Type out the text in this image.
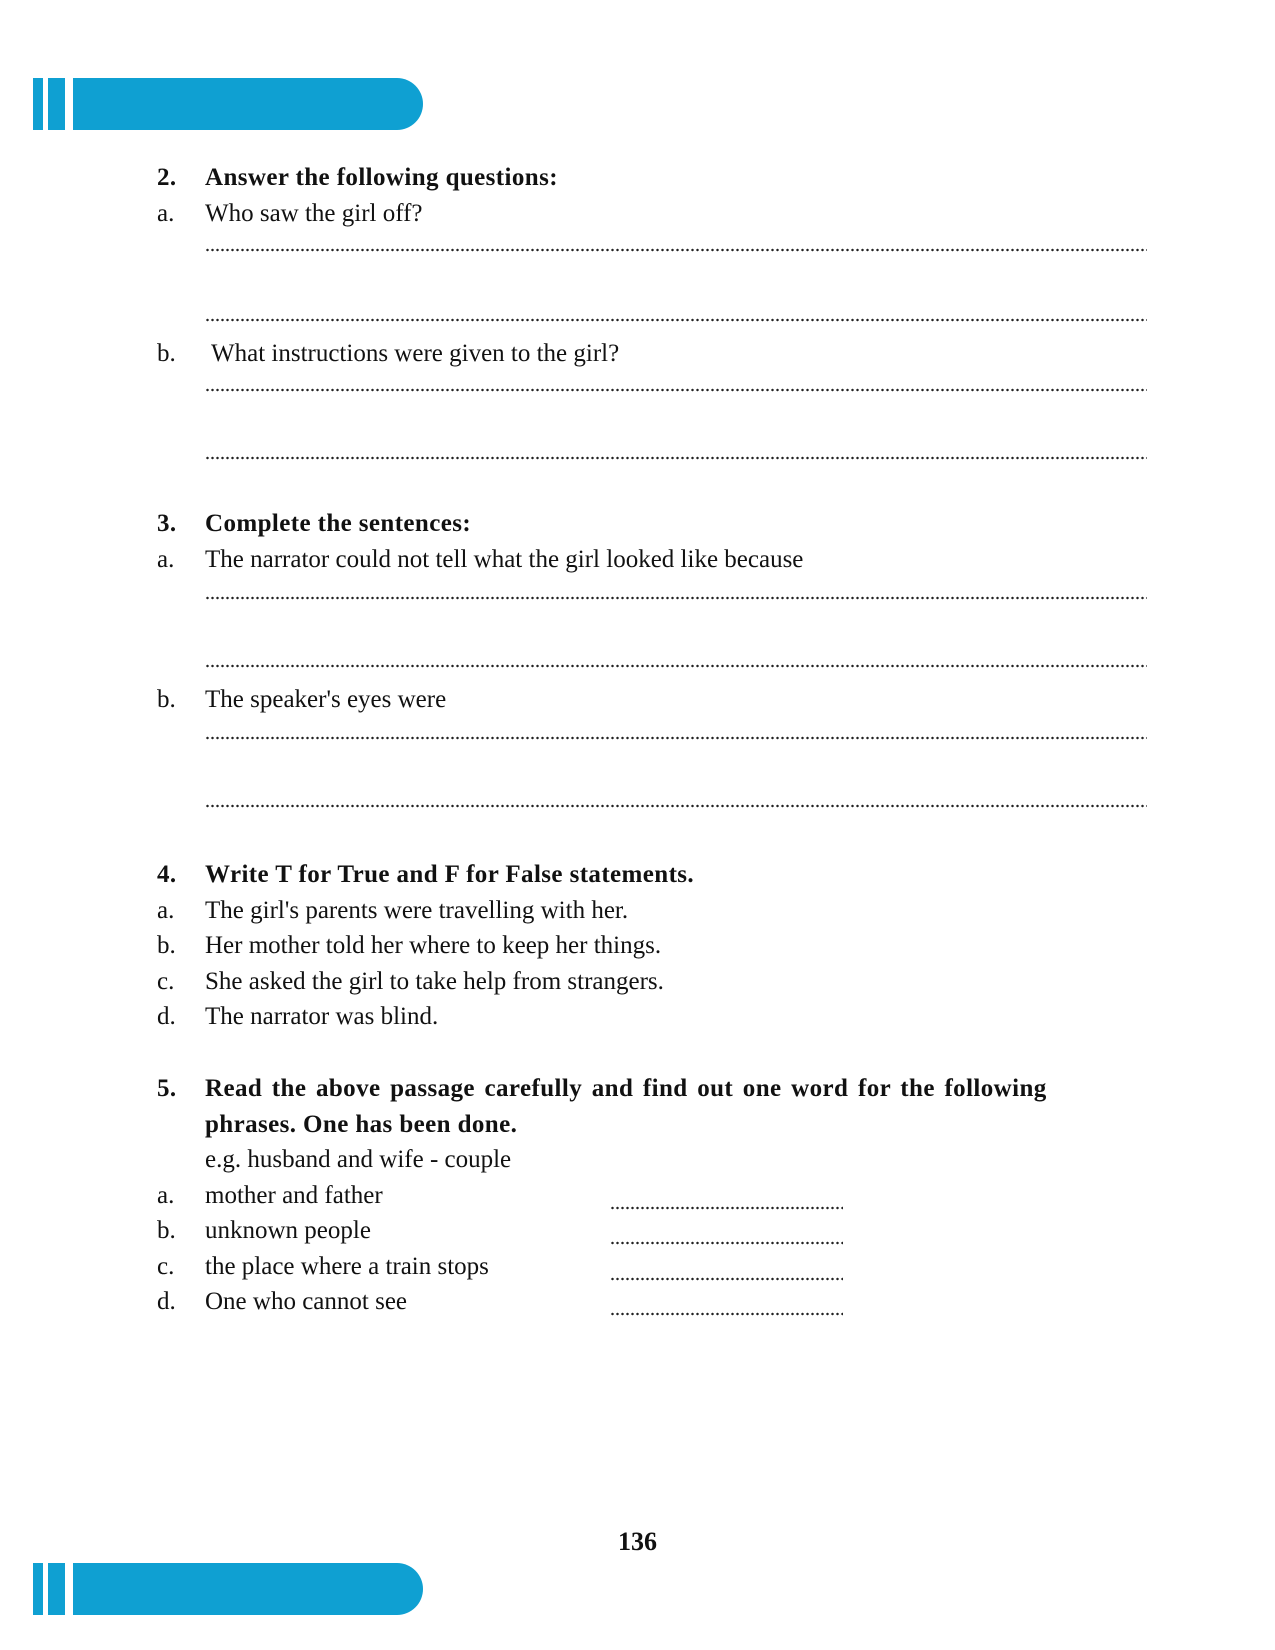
2.	Answer the following questions:
a.	Who saw the girl off?
b.	What instructions were given to the girl?
3.	Complete the sentences:
a.	The narrator could not tell what the girl looked like because
b.	The speaker's eyes were
4.	Write T for True and F for False statements.
a.	The girl's parents were travelling with her.
b.	Her mother told her where to keep her things.
c.	She asked the girl to take help from strangers.
d.	The narrator was blind.
5.	Read the above passage carefully and find out one word for the following
phrases. One has been done.
e.g. husband and wife - couple
a.	mother and father
b.	unknown people
c.	the place where a train stops
d.	One who cannot see
136
